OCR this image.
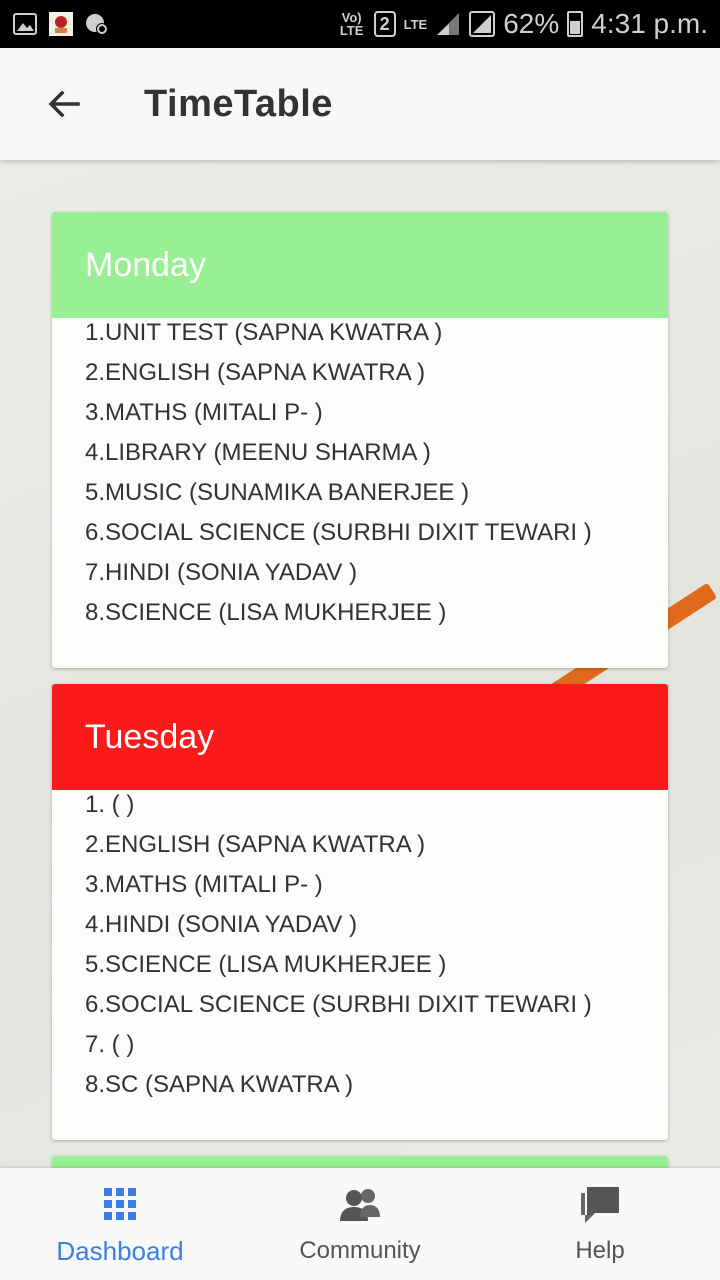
Vo) LTE 2	LTE	62% 4:31 p.m.
TimeTable
Monday
1.UNIT TEST (SAPNA KWATRA )
2.ENGLISH (SAPNA KWATRA )
3.MATHS (MITALI P- )
4.LIBRARY (MEENU SHARMA )
5.MUSIC (SUNAMIKA BANERJEE )
6.SOCIAL SCIENCE (SURBHI DIXIT TEWARI )
7.HINDI (SONIA YADAV )
8.SCIENCE (LISA MUKHERJEE )
Tuesday
1. ( )
2.ENGLISH (SAPNA KWATRA )
3.MATHS (MITALI P- )
4.HINDI (SONIA YADAV )
5.SCIENCE (LISA MUKHERJEE )
6.SOCIAL SCIENCE (SURBHI DIXIT TEWARI )
7. ( )
8.SC (SAPNA KWATRA )
Dashboard	Community	Help
